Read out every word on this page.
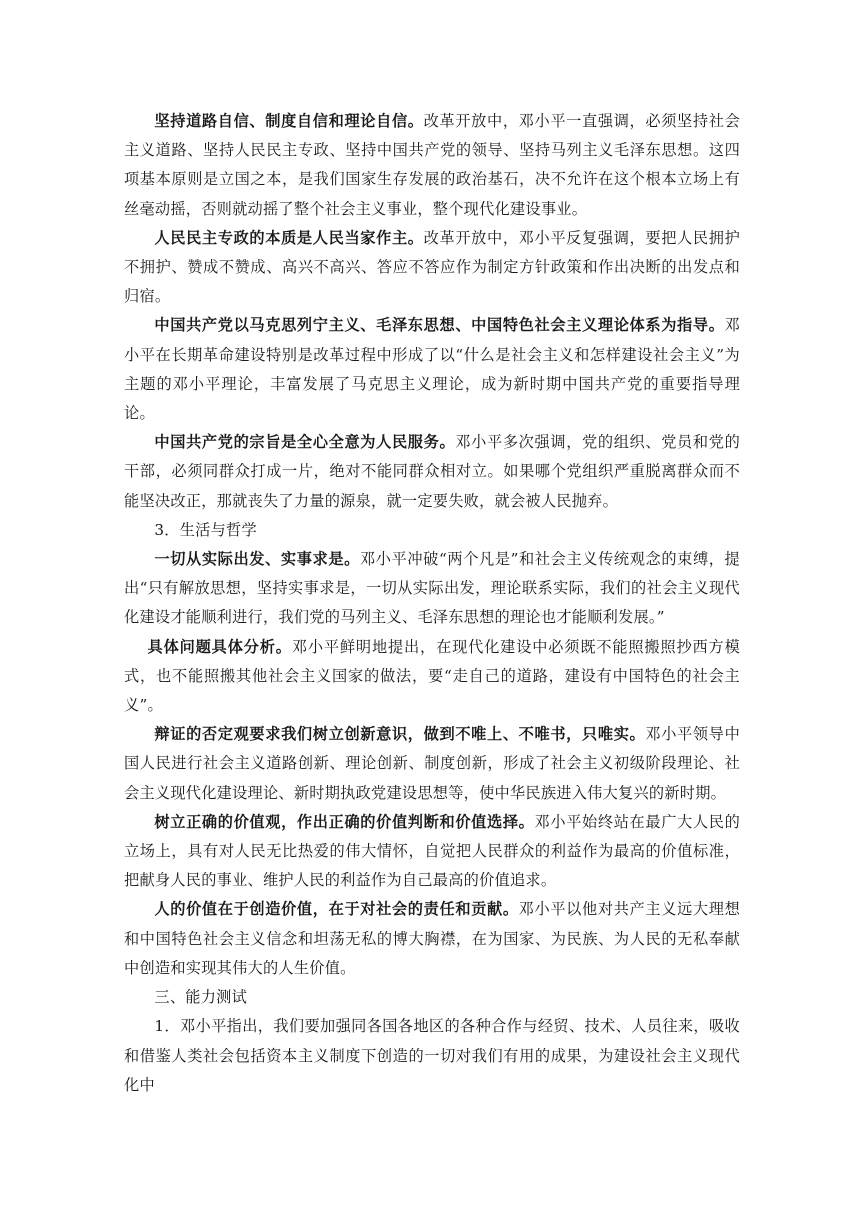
坚持道路自信、制度自信和理论自信。改革开放中，邓小平一直强调，必须坚持社会主义道路、坚持人民民主专政、坚持中国共产党的领导、坚持马列主义毛泽东思想。这四项基本原则是立国之本，是我们国家生存发展的政治基石，决不允许在这个根本立场上有丝毫动摇，否则就动摇了整个社会主义事业，整个现代化建设事业。

人民民主专政的本质是人民当家作主。改革开放中，邓小平反复强调，要把人民拥护不拥护、赞成不赞成、高兴不高兴、答应不答应作为制定方针政策和作出决断的出发点和归宿。

中国共产党以马克思列宁主义、毛泽东思想、中国特色社会主义理论体系为指导。邓小平在长期革命建设特别是改革过程中形成了以“什么是社会主义和怎样建设社会主义”为主题的邓小平理论，丰富发展了马克思主义理论，成为新时期中国共产党的重要指导理论。

中国共产党的宗旨是全心全意为人民服务。邓小平多次强调，党的组织、党员和党的干部，必须同群众打成一片，绝对不能同群众相对立。如果哪个党组织严重脱离群众而不能坚决改正，那就丧失了力量的源泉，就一定要失败，就会被人民抛弃。

3．生活与哲学

一切从实际出发、实事求是。邓小平冲破“两个凡是”和社会主义传统观念的束缚，提出“只有解放思想，坚持实事求是，一切从实际出发，理论联系实际，我们的社会主义现代化建设才能顺利进行，我们党的马列主义、毛泽东思想的理论也才能顺利发展。”

具体问题具体分析。邓小平鲜明地提出，在现代化建设中必须既不能照搬照抄西方模式，也不能照搬其他社会主义国家的做法，要“走自己的道路，建设有中国特色的社会主义”。

辩证的否定观要求我们树立创新意识，做到不唯上、不唯书，只唯实。邓小平领导中国人民进行社会主义道路创新、理论创新、制度创新，形成了社会主义初级阶段理论、社会主义现代化建设理论、新时期执政党建设思想等，使中华民族进入伟大复兴的新时期。

树立正确的价值观，作出正确的价值判断和价值选择。邓小平始终站在最广大人民的立场上，具有对人民无比热爱的伟大情怀，自觉把人民群众的利益作为最高的价值标准，把献身人民的事业、维护人民的利益作为自己最高的价值追求。

人的价值在于创造价值，在于对社会的责任和贡献。邓小平以他对共产主义远大理想和中国特色社会主义信念和坦荡无私的博大胸襟，在为国家、为民族、为人民的无私奉献中创造和实现其伟大的人生价值。

三、能力测试

1．邓小平指出，我们要加强同各国各地区的各种合作与经贸、技术、人员往来，吸收和借鉴人类社会包括资本主义制度下创造的一切对我们有用的成果，为建设社会主义现代化中
